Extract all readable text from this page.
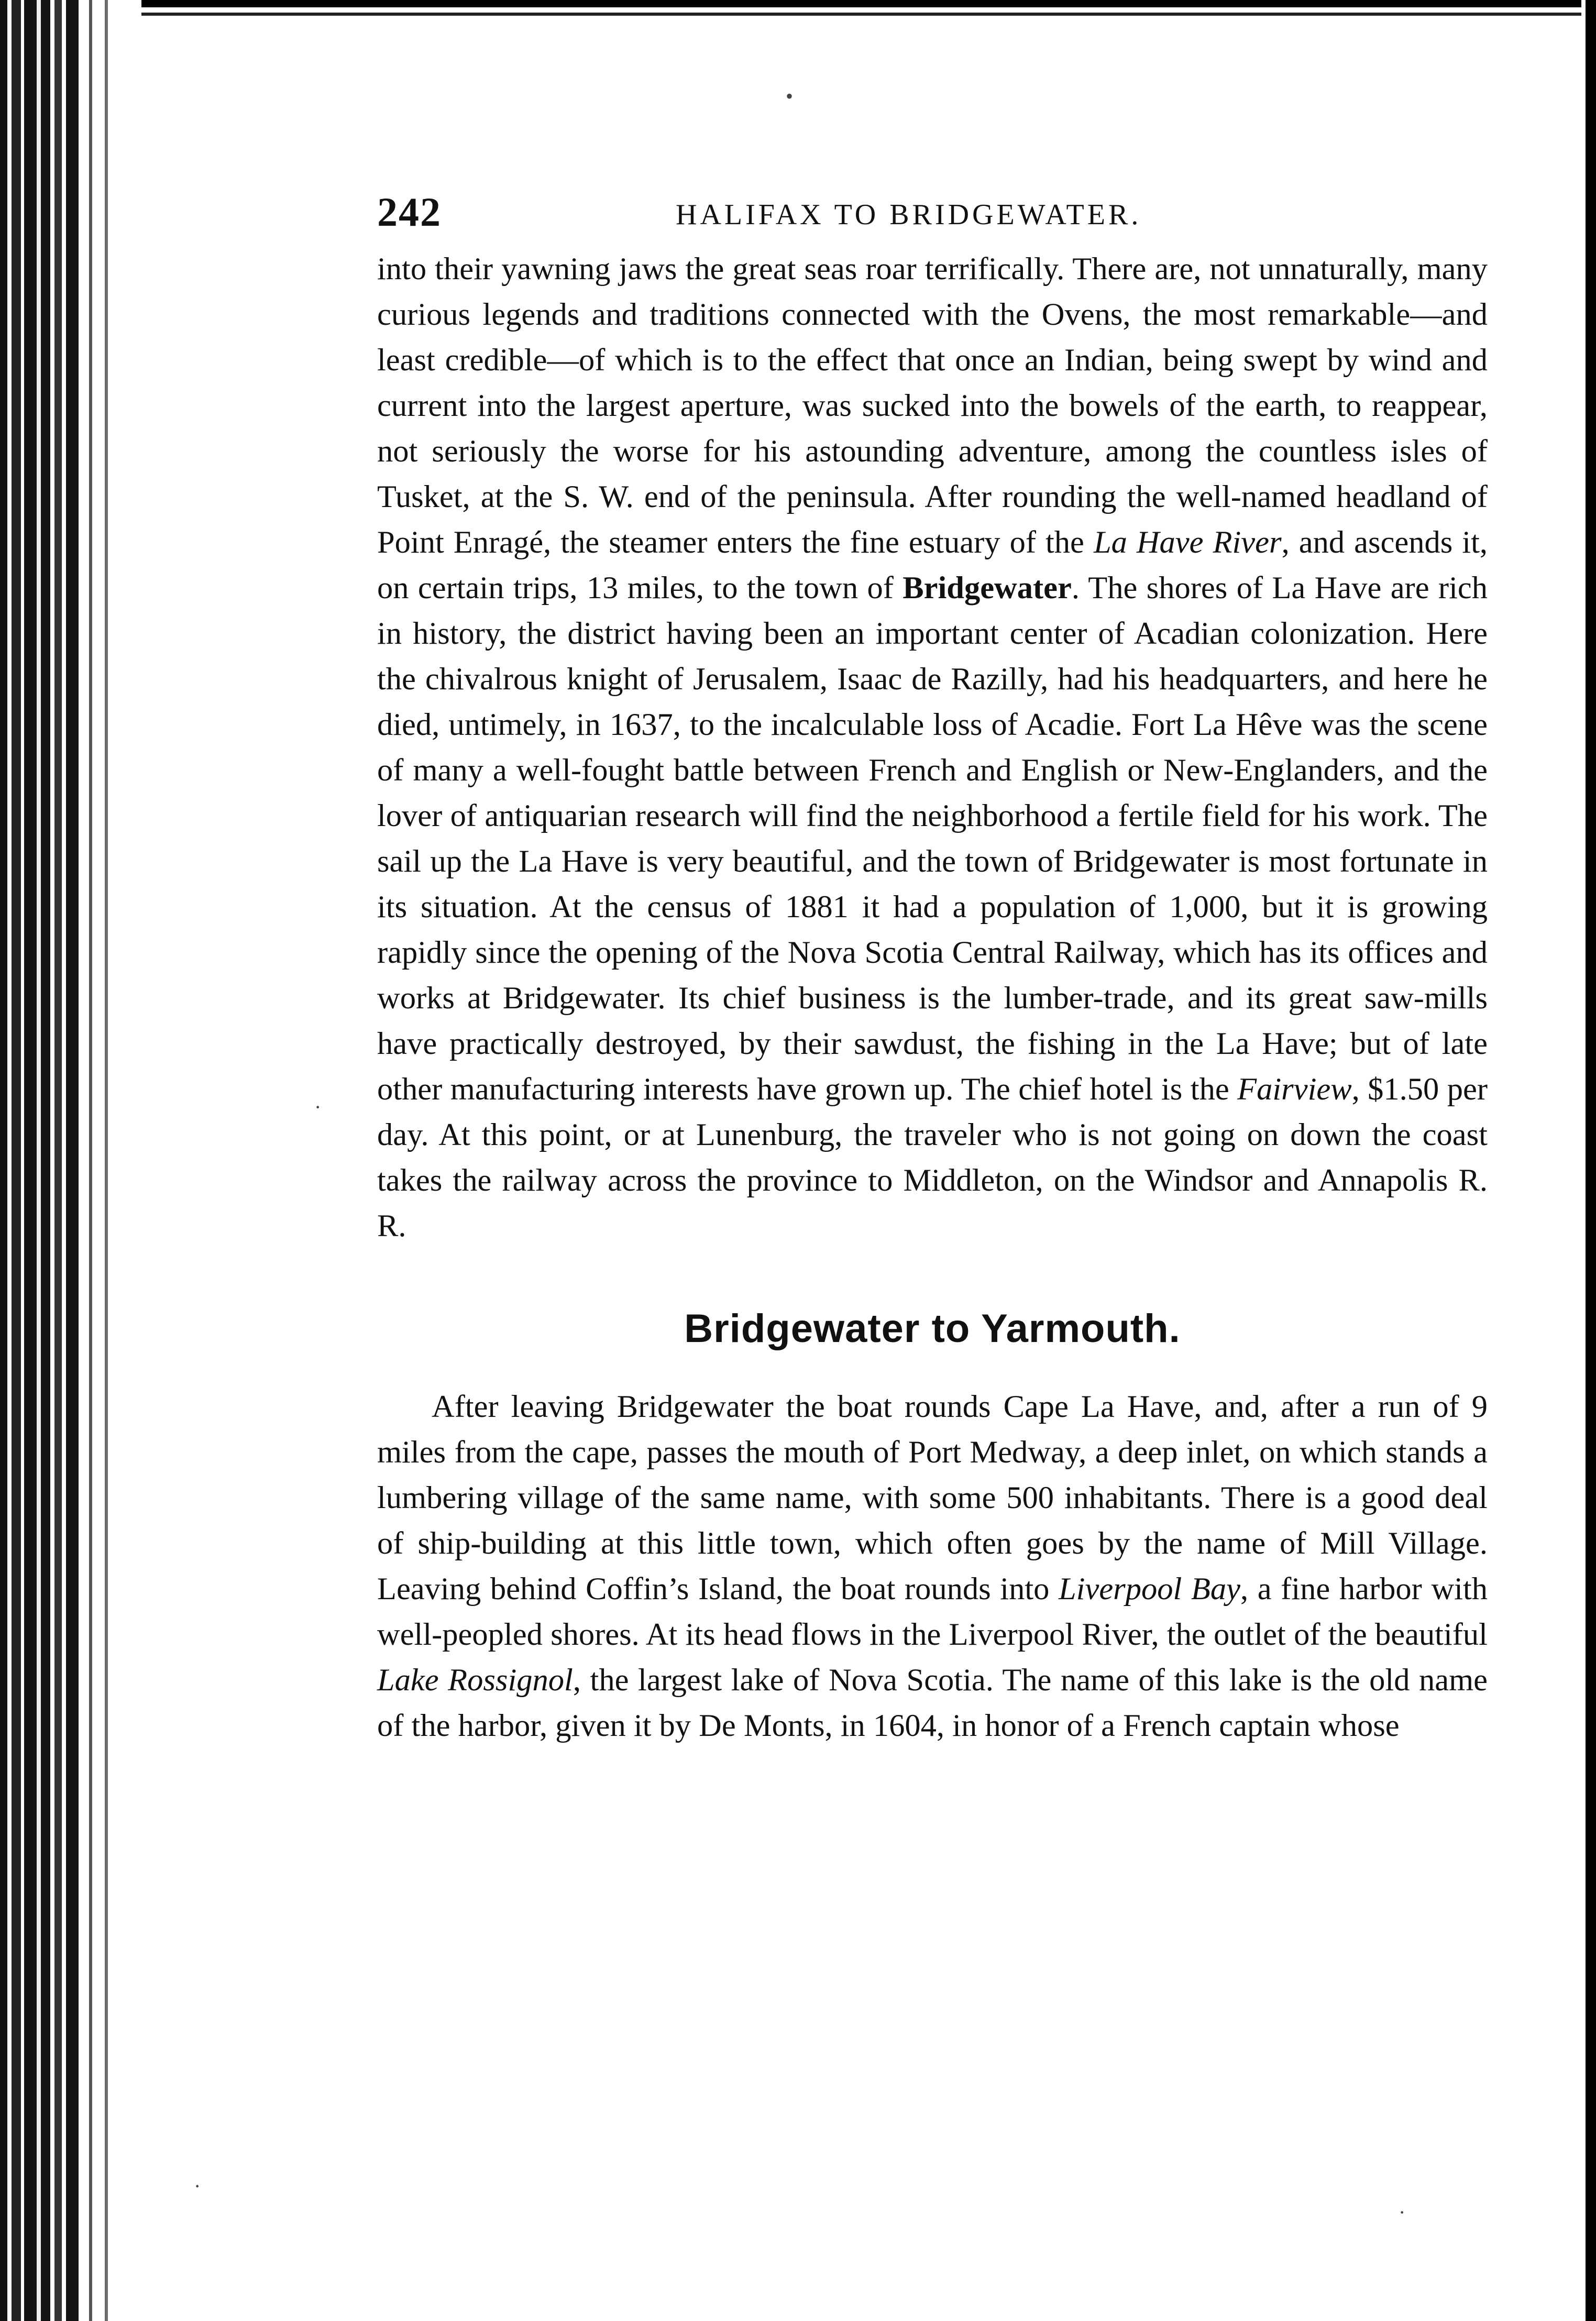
242	HALIFAX TO BRIDGEWATER.

into their yawning jaws the great seas roar terrifically. There are, not unnaturally, many curious legends and traditions connected with the Ovens, the most remarkable—and least credible—of which is to the effect that once an Indian, being swept by wind and current into the largest aperture, was sucked into the bowels of the earth, to reappear, not seriously the worse for his astounding adventure, among the countless isles of Tusket, at the S. W. end of the peninsula. After rounding the well-named headland of Point Enragé, the steamer enters the fine estuary of the La Have River, and ascends it, on certain trips, 13 miles, to the town of Bridgewater. The shores of La Have are rich in history, the district having been an important center of Acadian colonization. Here the chivalrous knight of Jerusalem, Isaac de Razilly, had his headquarters, and here he died, untimely, in 1637, to the incalculable loss of Acadie. Fort La Hêve was the scene of many a well-fought battle between French and English or New-Englanders, and the lover of antiquarian research will find the neighborhood a fertile field for his work. The sail up the La Have is very beautiful, and the town of Bridgewater is most fortunate in its situation. At the census of 1881 it had a population of 1,000, but it is growing rapidly since the opening of the Nova Scotia Central Railway, which has its offices and works at Bridgewater. Its chief business is the lumber-trade, and its great saw-mills have practically destroyed, by their sawdust, the fishing in the La Have; but of late other manufacturing interests have grown up. The chief hotel is the Fairview, $1.50 per day. At this point, or at Lunenburg, the traveler who is not going on down the coast takes the railway across the province to Middleton, on the Windsor and Annapolis R. R.

Bridgewater to Yarmouth.

After leaving Bridgewater the boat rounds Cape La Have, and, after a run of 9 miles from the cape, passes the mouth of Port Medway, a deep inlet, on which stands a lumbering village of the same name, with some 500 inhabitants. There is a good deal of ship-building at this little town, which often goes by the name of Mill Village. Leaving behind Coffin’s Island, the boat rounds into Liverpool Bay, a fine harbor with well-peopled shores. At its head flows in the Liverpool River, the outlet of the beautiful Lake Rossignol, the largest lake of Nova Scotia. The name of this lake is the old name of the harbor, given it by De Monts, in 1604, in honor of a French captain whose

•
·
·
·
